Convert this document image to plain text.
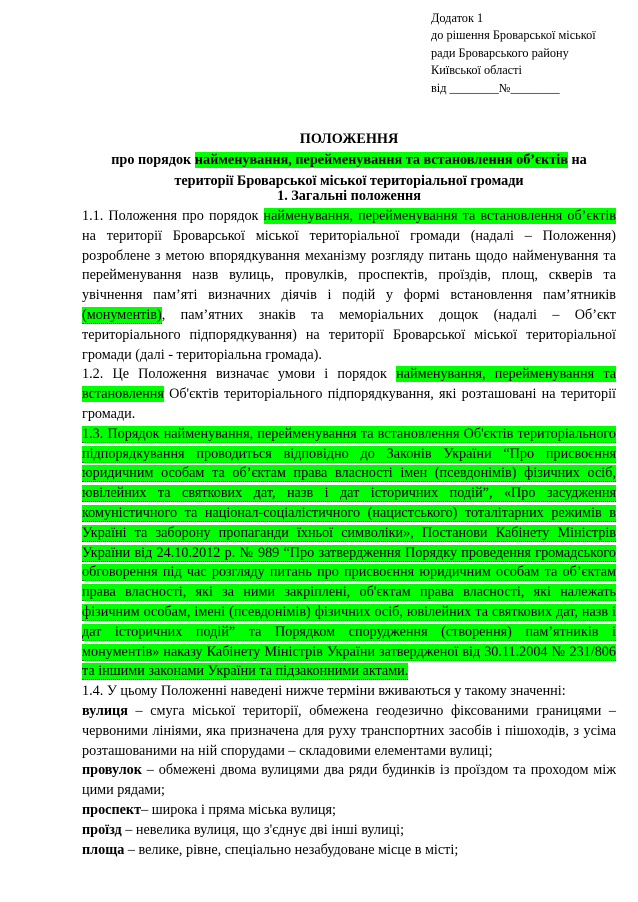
Додаток 1
до рішення Броварської міської
ради Броварського району
Київської області
від ________№________
ПОЛОЖЕННЯ
про порядок найменування, перейменування та встановлення об’єктів на
території Броварської міської територіальної громади
1. Загальні положення

1.1. Положення про порядок найменування, перейменування та встановлення об’єктів на території Броварської міської територіальної громади (надалі – Положення) розроблене з метою впорядкування механізму розгляду питань щодо найменування та перейменування назв вулиць, провулків, проспектів, проїздів, площ, скверів та увічнення пам’яті визначних діячів і подій у формі встановлення пам’ятників (монументів), пам’ятних знаків та меморіальних дощок (надалі – Об’єкт територіального підпорядкування) на території Броварської міської територіальної громади (далі - територіальна громада).

1.2. Це Положення визначає умови і порядок найменування, перейменування та встановлення Об'єктів територіального підпорядкування, які розташовані на території громади.

1.3. Порядок найменування, перейменування та встановлення Об'єктів територіального підпорядкування проводиться відповідно до Законів України “Про присвоєння юридичним особам та об’єктам права власності імен (псевдонімів) фізичних осіб, ювілейних та святкових дат, назв і дат історичних подій”, «Про засудження комуністичного та націонал-соціалістичного (нацистського) тоталітарних режимів в Україні та заборону пропаганди їхньої символіки», Постанови Кабінету Міністрів України від 24.10.2012 р. № 989 “Про затвердження Порядку проведення громадського обговорення під час розгляду питань про присвоєння юридичним особам та об’єктам права власності, які за ними закріплені, об'єктам права власності, які належать фізичним особам, імені (псевдонімів) фізичних осіб, ювілейних та святкових дат, назв і дат історичних подій” та Порядком спорудження (створення) пам’ятників і монументів» наказу Кабінету Міністрів України затвердженої від 30.11.2004 № 231/806 та іншими законами України та підзаконними актами.

1.4. У цьому Положенні наведені нижче терміни вживаються у такому значенні:

вулиця – смуга міської території, обмежена геодезично фіксованими границями – червоними лініями, яка призначена для руху транспортних засобів і пішоходів, з усіма розташованими на ній спорудами – складовими елементами вулиці;

провулок – обмежені двома вулицями два ряди будинків із проїздом та проходом між цими рядами;

проспект– широка і пряма міська вулиця;

проїзд – невелика вулиця, що з'єднує дві інші вулиці;

площа – велике, рівне, спеціально незабудоване місце в місті;
